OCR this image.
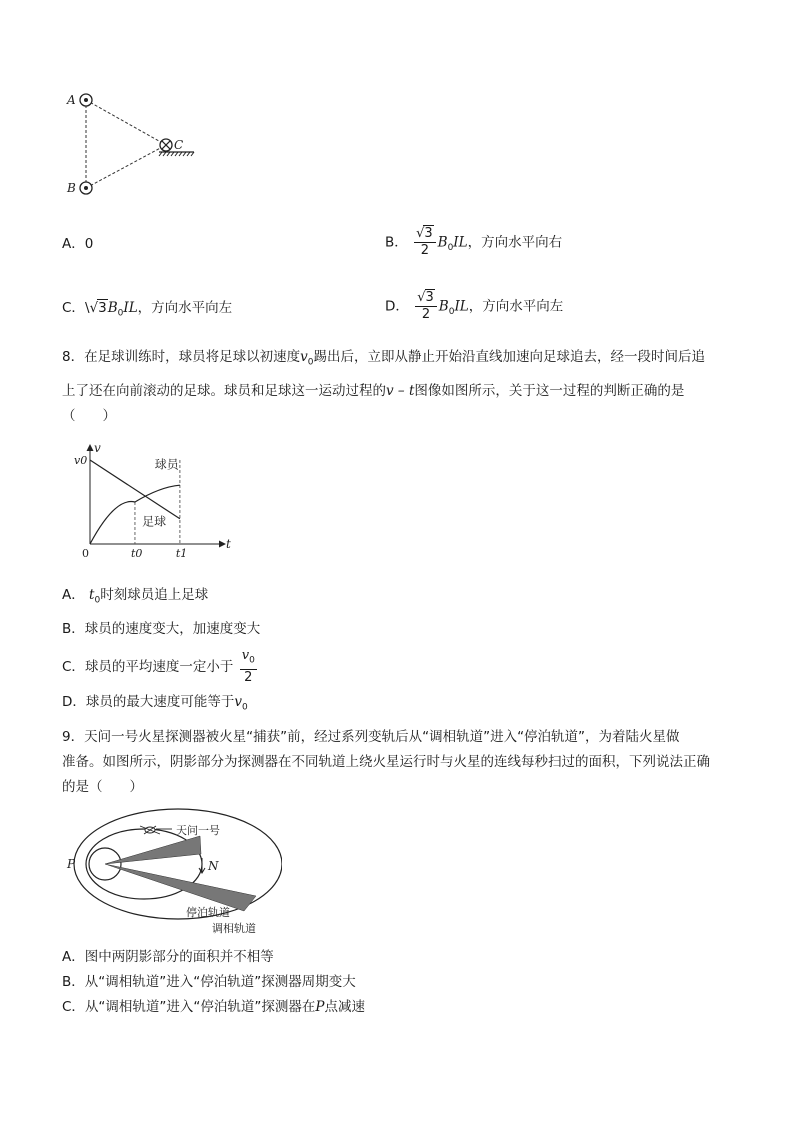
A
B
C
A．0	B． $\frac{√3}{2} B_0IL$，方向水平向右
C．$\backslash√3B_0IL$，方向水平向左	D． $\frac{√3}{2} B_0IL$，方向水平向左
8．在足球训练时，球员将足球以初速度$v_0$踢出后，立即从静止开始沿直线加速向足球追去，经一段时间后追
上了还在向前滚动的足球。球员和足球这一运动过程的v – t图像如图所示，关于这一过程的判断正确的是
（　　）
t
v
0
v0
t0	t1
球员
足球
A． $t_0$时刻球员追上足球
B．球员的速度变大，加速度变大
C．球员的平均速度一定小于 $\frac{v_0}{2}$
D．球员的最大速度可能等于$v_0$
9．天问一号火星探测器被火星“捕获”前，经过系列变轨后从“调相轨道”进入“停泊轨道”，为着陆火星做
准备。如图所示，阴影部分为探测器在不同轨道上绕火星运行时与火星的连线每秒扫过的面积，下列说法正确
的是（　　）
天问一号
P	N
停泊轨道
调相轨道
A．图中两阴影部分的面积并不相等
B．从“调相轨道”进入“停泊轨道”探测器周期变大
C．从“调相轨道”进入“停泊轨道”探测器在P点减速
